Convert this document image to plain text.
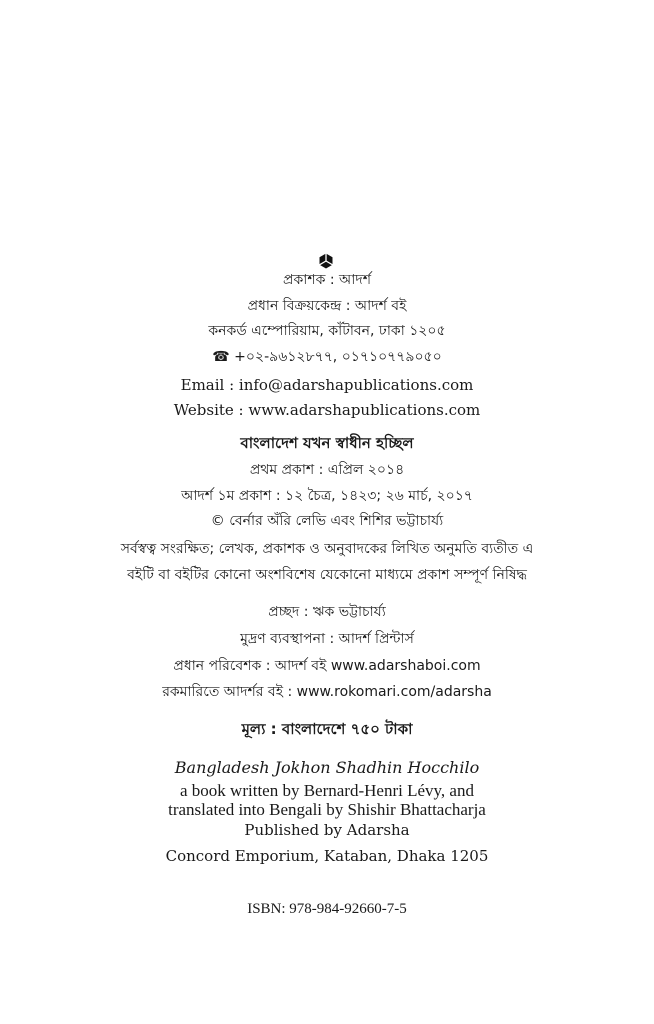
প্রকাশক : আদর্শ
প্রধান বিক্রয়কেন্দ্র : আদর্শ বই
কনকর্ড এম্পোরিয়াম, কাঁটাবন, ঢাকা ১২০৫
☎ +০২-৯৬১২৮৭৭, ০১৭১০৭৭৯০৫০
Email : info@adarshapublications.com
Website : www.adarshapublications.com
বাংলাদেশ যখন স্বাধীন হচ্ছিল
প্রথম প্রকাশ : এপ্রিল ২০১৪
আদর্শ ১ম প্রকাশ : ১২ চৈত্র, ১৪২৩; ২৬ মার্চ, ২০১৭
© বের্নার অঁরি লেভি এবং শিশির ভট্টাচার্য্য
সর্বস্বত্ব সংরক্ষিত; লেখক, প্রকাশক ও অনুবাদকের লিখিত অনুমতি ব্যতীত এ
বইটি বা বইটির কোনো অংশবিশেষ যেকোনো মাধ্যমে প্রকাশ সম্পূর্ণ নিষিদ্ধ
প্রচ্ছদ : ঋক ভট্টাচার্য্য
মুদ্রণ ব্যবস্থাপনা : আদর্শ প্রিন্টার্স
প্রধান পরিবেশক : আদর্শ বই www.adarshaboi.com
রকমারিতে আদর্শর বই : www.rokomari.com/adarsha
মূল্য : বাংলাদেশে ৭৫০ টাকা
Bangladesh Jokhon Shadhin Hocchilo
a book written by Bernard-Henri Lévy, and
translated into Bengali by Shishir Bhattacharja
Published by Adarsha
Concord Emporium, Kataban, Dhaka 1205
ISBN: 978-984-92660-7-5
